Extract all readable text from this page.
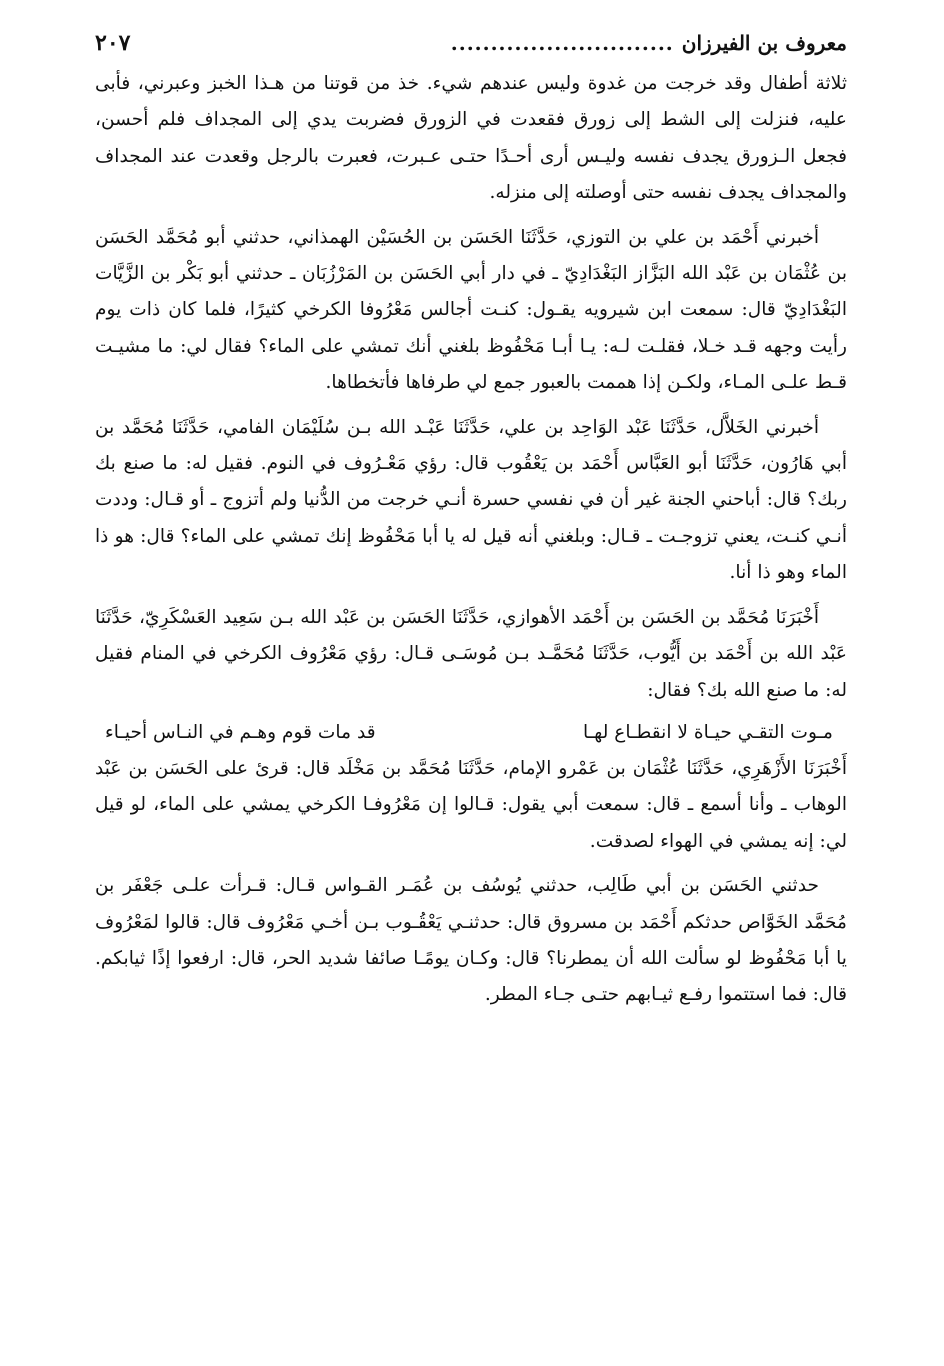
معروف بن الفيرزان
............................
٢٠٧

ثلاثة أطفال وقد خرجت من غدوة وليس عندهم شيء. خذ من قوتنا من هـذا الخبز وعبرني، فأبى عليه، فنزلت إلى الشط إلى زورق فقعدت في الزورق فضربت يدي إلى المجداف فلم أحسن، فجعل الـزورق يجدف نفسه وليـس أرى أحـدًا حتـى عـبرت، فعبرت بالرجل وقعدت عند المجداف والمجداف يجدف نفسه حتى أوصلته إلى منزله.

أخبرني أَحْمَد بن علي بن التوزي، حَدَّثَنَا الحَسَن بن الحُسَيْن الهمذاني، حدثني أبو مُحَمَّد الحَسَن بن عُثْمَان بن عَبْد الله البَزَّاز البَغْدَادِيّ ـ في دار أبي الحَسَن بن المَرْزُبَان ـ حدثني أبو بَكْر بن الزَّيَّات البَغْدَادِيّ قال: سمعت ابن شيرويه يقـول: كنـت أجالس مَعْرُوفا الكرخي كثيرًا، فلما كان ذات يوم رأيت وجهه قـد خـلا، فقلـت لـه: يـا أبـا مَحْفُوظ بلغني أنك تمشي على الماء؟ فقال لي: ما مشيـت قـط علـى المـاء، ولكـن إذا هممت بالعبور جمع لي طرفاها فأتخطاها.

أخبرني الخَلاَّل، حَدَّثَنَا عَبْد الوَاحِد بن علي، حَدَّثَنَا عَبْـد الله بـن سُلَيْمَان الفامي، حَدَّثَنَا مُحَمَّد بن أبي هَارُون، حَدَّثَنَا أبو العَبَّاس أَحْمَد بن يَعْقُوب قال: رؤي مَعْـرُوف في النوم. فقيل له: ما صنع بك ربك؟ قال: أباحني الجنة غير أن في نفسي حسرة أنـي خرجت من الدُّنيا ولم أتزوج ـ أو قـال: وددت أنـي كنـت، يعني تزوجـت ـ قـال: وبلغني أنه قيل له يا أبا مَحْفُوظ إنك تمشي على الماء؟ قال: هو ذا الماء وهو ذا أنا.

أَخْبَرَنَا مُحَمَّد بن الحَسَن بن أَحْمَد الأهوازي، حَدَّثَنَا الحَسَن بن عَبْد الله بـن سَعِيد العَسْكَرِيّ، حَدَّثَنَا عَبْد الله بن أَحْمَد بن أَيُّوب، حَدَّثَنَا مُحَمَّـد بـن مُوسَـى قـال: رؤي مَعْرُوف الكرخي في المنام فقيل له: ما صنع الله بك؟ فقال:

مـوت التقـي حيـاة لا انقطـاع لهـا
قد مات قوم وهـم في النـاس أحيـاء

أَخْبَرَنَا الأَزْهَرِي، حَدَّثَنَا عُثْمَان بن عَمْرو الإمام، حَدَّثَنَا مُحَمَّد بن مَخْلَد قال: قرئ على الحَسَن بن عَبْد الوهاب ـ وأنا أسمع ـ قال: سمعت أبي يقول: قـالوا إن مَعْرُوفـا الكرخي يمشي على الماء، لو قيل لي: إنه يمشي في الهواء لصدقت.

حدثني الحَسَن بن أبي طَالِب، حدثني يُوسُف بن عُمَـر القـواس قـال: قـرأت علـى جَعْفَر بن مُحَمَّد الخَوَّاص حدثكم أَحْمَد بن مسروق قال: حدثنـي يَعْقُـوب بـن أخـي مَعْرُوف قال: قالوا لمَعْرُوف يا أبا مَحْفُوظ لو سألت الله أن يمطرنا؟ قال: وكـان يومًـا صائفا شديد الحر، قال: ارفعوا إذًا ثيابكم. قال: فما استتموا رفـع ثيـابهم حتـى جـاء المطر.
